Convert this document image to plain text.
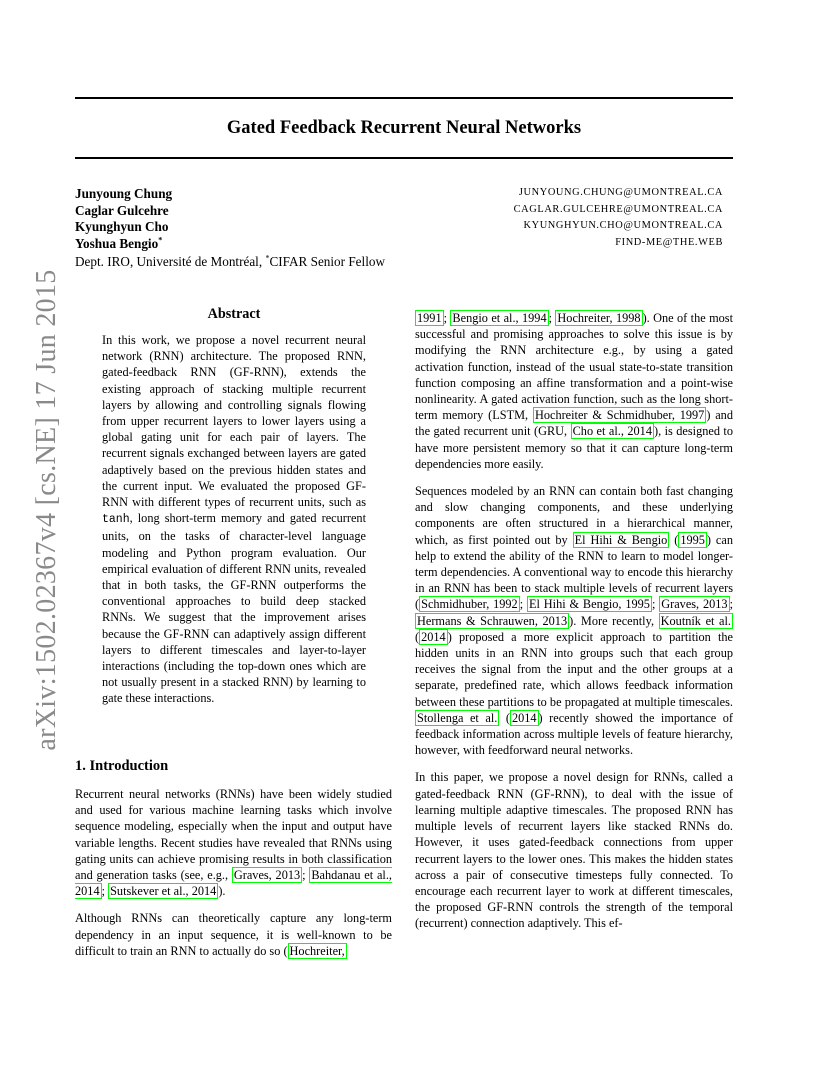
Gated Feedback Recurrent Neural Networks
Junyoung Chung	JUNYOUNG.CHUNG@UMONTREAL.CA
Caglar Gulcehre	CAGLAR.GULCEHRE@UMONTREAL.CA
Kyunghyun Cho	KYUNGHYUN.CHO@UMONTREAL.CA
Yoshua Bengio*	FIND-ME@THE.WEB
Dept. IRO, Université de Montréal, *CIFAR Senior Fellow
arXiv:1502.02367v4 [cs.NE] 17 Jun 2015	Abstract

In this work, we propose a novel recurrent neural network (RNN) architecture. The proposed RNN, gated-feedback RNN (GF-RNN), extends the existing approach of stacking multiple recurrent layers by allowing and controlling signals flowing from upper recurrent layers to lower layers using a global gating unit for each pair of layers. The recurrent signals exchanged between layers are gated adaptively based on the previous hidden states and the current input. We evaluated the proposed GF-RNN with different types of recurrent units, such as tanh, long short-term memory and gated recurrent units, on the tasks of character-level language modeling and Python program evaluation. Our empirical evaluation of different RNN units, revealed that in both tasks, the GF-RNN outperforms the conventional approaches to build deep stacked RNNs. We suggest that the improvement arises because the GF-RNN can adaptively assign different layers to different timescales and layer-to-layer interactions (including the top-down ones which are not usually present in a stacked RNN) by learning to gate these interactions.

1. Introduction

Recurrent neural networks (RNNs) have been widely studied and used for various machine learning tasks which involve sequence modeling, especially when the input and output have variable lengths. Recent studies have revealed that RNNs using gating units can achieve promising results in both classification and generation tasks (see, e.g., Graves, 2013 ; Bahdanau et al., 2014 ; Sutskever et al., 2014 ).

Although RNNs can theoretically capture any long-term dependency in an input sequence, it is well-known to be difficult to train an RNN to actually do so ( Hochreiter,

1991 ; Bengio et al., 1994 ; Hochreiter, 1998 ). One of the most successful and promising approaches to solve this issue is by modifying the RNN architecture e.g., by using a gated activation function, instead of the usual state-to-state transition function composing an affine transformation and a point-wise nonlinearity. A gated activation function, such as the long short-term memory (LSTM, Hochreiter & Schmidhuber, 1997 ) and the gated recurrent unit (GRU, Cho et al., 2014 ), is designed to have more persistent memory so that it can capture long-term dependencies more easily.

Sequences modeled by an RNN can contain both fast changing and slow changing components, and these underlying components are often structured in a hierarchical manner, which, as first pointed out by El Hihi & Bengio ( 1995 ) can help to extend the ability of the RNN to learn to model longer-term dependencies. A conventional way to encode this hierarchy in an RNN has been to stack multiple levels of recurrent layers ( Schmidhuber, 1992 ; El Hihi & Bengio, 1995 ; Graves, 2013 ; Hermans & Schrauwen, 2013 ). More recently, Koutník et al. ( 2014 ) proposed a more explicit approach to partition the hidden units in an RNN into groups such that each group receives the signal from the input and the other groups at a separate, predefined rate, which allows feedback information between these partitions to be propagated at multiple timescales. Stollenga et al. ( 2014 ) recently showed the importance of feedback information across multiple levels of feature hierarchy, however, with feedforward neural networks.

In this paper, we propose a novel design for RNNs, called a gated-feedback RNN (GF-RNN), to deal with the issue of learning multiple adaptive timescales. The proposed RNN has multiple levels of recurrent layers like stacked RNNs do. However, it uses gated-feedback connections from upper recurrent layers to the lower ones. This makes the hidden states across a pair of consecutive timesteps fully connected. To encourage each recurrent layer to work at different timescales, the proposed GF-RNN controls the strength of the temporal (recurrent) connection adaptively. This ef-
